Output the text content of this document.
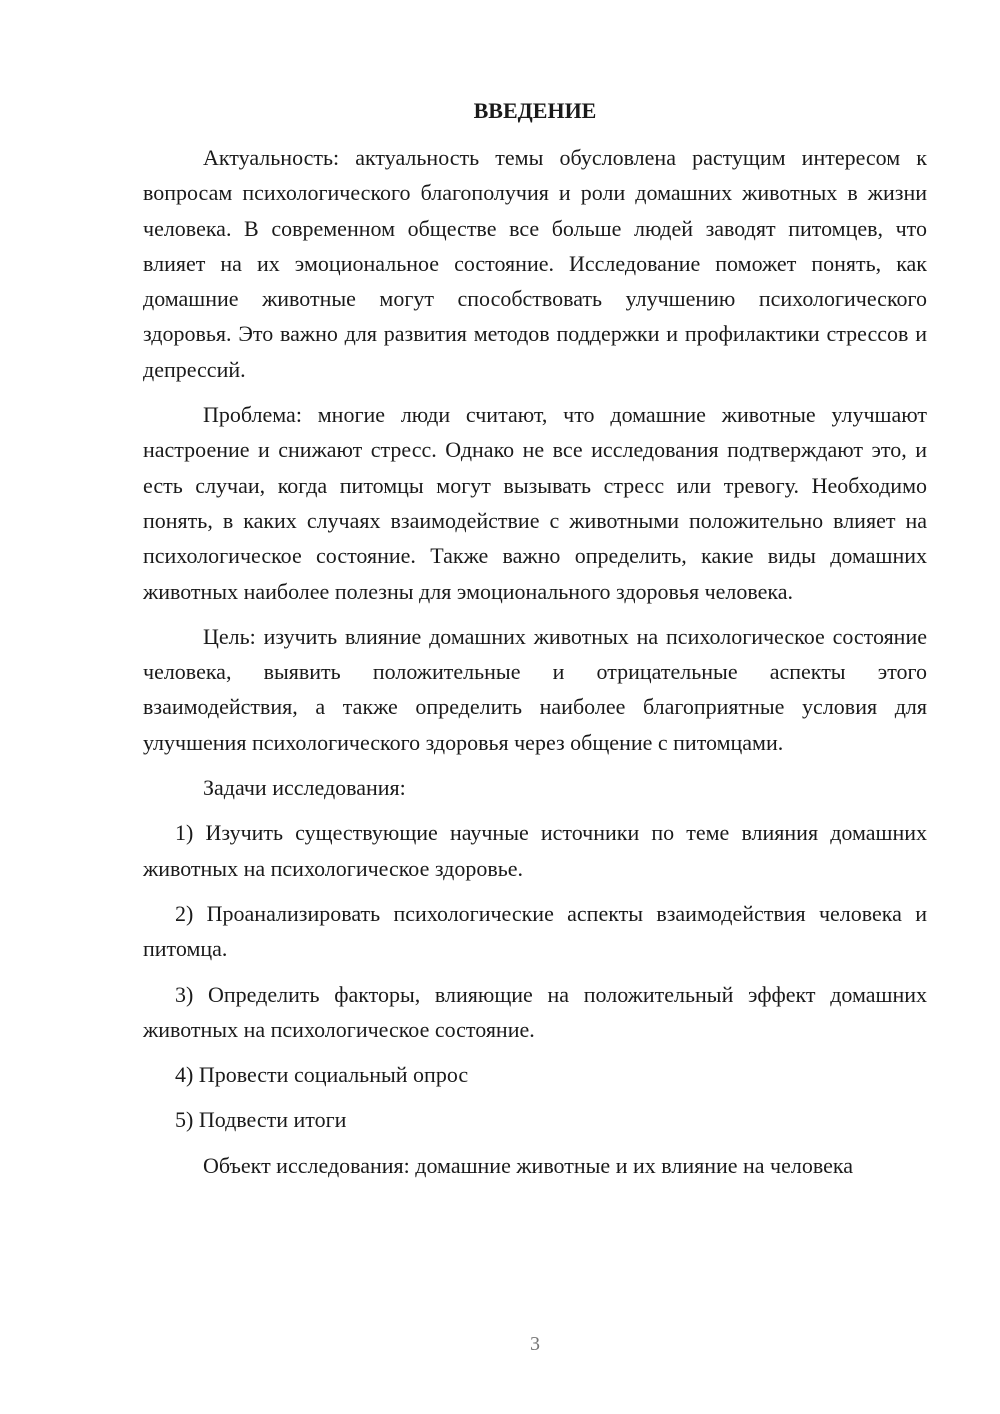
ВВЕДЕНИЕ

Актуальность: актуальность темы обусловлена растущим интересом к вопросам психологического благополучия и роли домашних животных в жизни человека. В современном обществе все больше людей заводят питомцев, что влияет на их эмоциональное состояние. Исследование поможет понять, как домашние животные могут способствовать улучшению психологического здоровья. Это важно для развития методов поддержки и профилактики стрессов и депрессий.

Проблема: многие люди считают, что домашние животные улучшают настроение и снижают стресс. Однако не все исследования подтверждают это, и есть случаи, когда питомцы могут вызывать стресс или тревогу. Необходимо понять, в каких случаях взаимодействие с животными положительно влияет на психологическое состояние. Также важно определить, какие виды домашних животных наиболее полезны для эмоционального здоровья человека.

Цель: изучить влияние домашних животных на психологическое состояние человека, выявить положительные и отрицательные аспекты этого взаимодействия, а также определить наиболее благоприятные условия для улучшения психологического здоровья через общение с питомцами.

Задачи исследования:

1) Изучить существующие научные источники по теме влияния домашних животных на психологическое здоровье.

2) Проанализировать психологические аспекты взаимодействия человека и питомца.

3) Определить факторы, влияющие на положительный эффект домашних животных на психологическое состояние.

4) Провести социальный опрос

5) Подвести итоги

Объект исследования: домашние животные и их влияние на человека

3
